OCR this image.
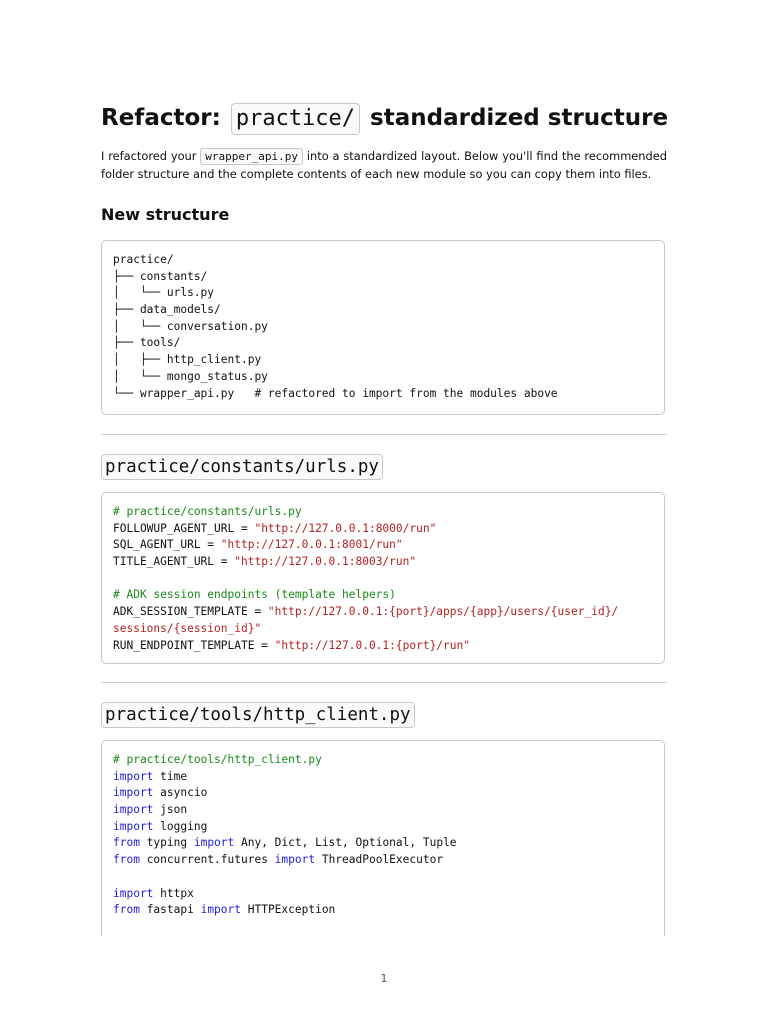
Refactor: practice/ standardized structure

I refactored your wrapper_api.py into a standardized layout. Below you'll find the recommended folder structure and the complete contents of each new module so you can copy them into files.

New structure
practice/
├── constants/
│   └── urls.py
├── data_models/
│   └── conversation.py
├── tools/
│   ├── http_client.py
│   └── mongo_status.py
└── wrapper_api.py   # refactored to import from the modules above
practice/constants/urls.py
# practice/constants/urls.py
FOLLOWUP_AGENT_URL = "http://127.0.0.1:8000/run"
SQL_AGENT_URL = "http://127.0.0.1:8001/run"
TITLE_AGENT_URL = "http://127.0.0.1:8003/run"
# ADK session endpoints (template helpers)
ADK_SESSION_TEMPLATE = "http://127.0.0.1:{port}/apps/{app}/users/{user_id}/
sessions/{session_id}"
RUN_ENDPOINT_TEMPLATE = "http://127.0.0.1:{port}/run"
practice/tools/http_client.py
# practice/tools/http_client.py
import time
import asyncio
import json
import logging
from typing import Any, Dict, List, Optional, Tuple
from concurrent.futures import ThreadPoolExecutor
import httpx
from fastapi import HTTPException
1
